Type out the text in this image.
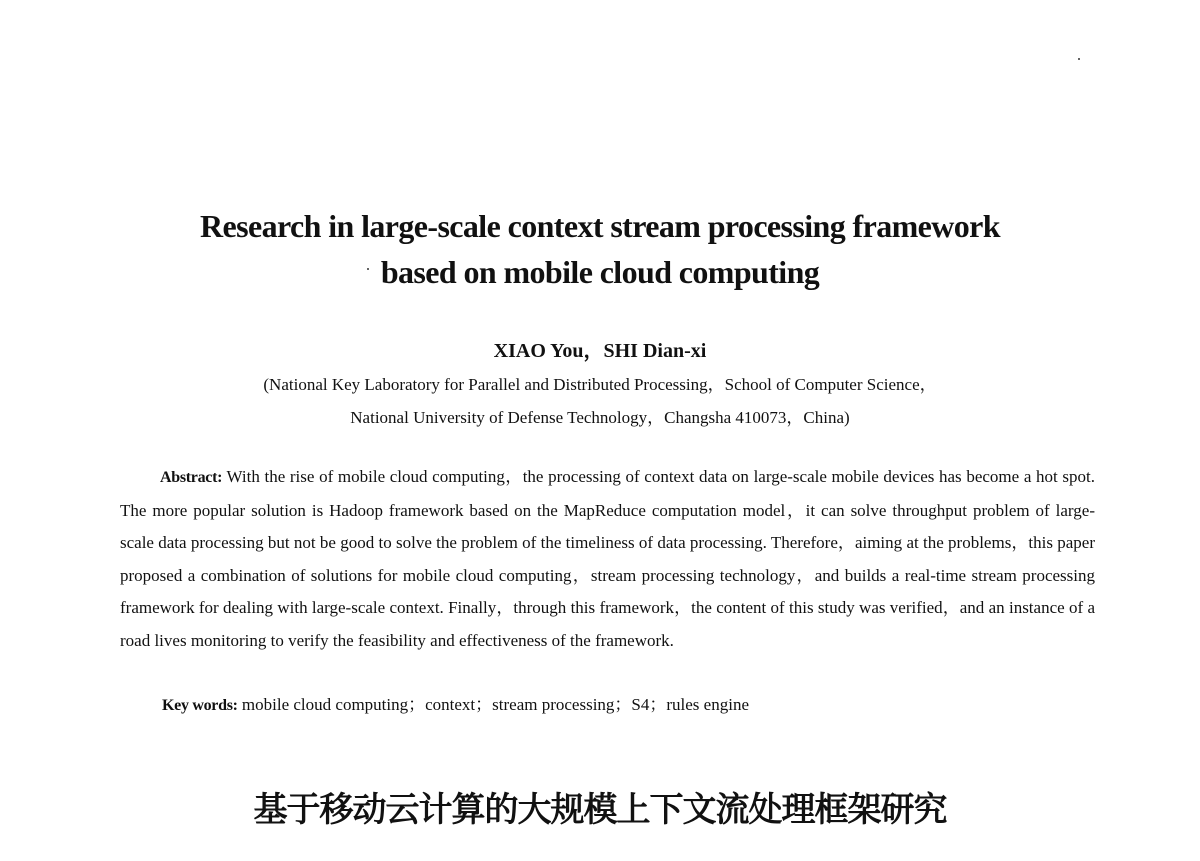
Research in large-scale context stream processing framework
based on mobile cloud computing
XIAO You，SHI Dian-xi
(National Key Laboratory for Parallel and Distributed Processing，School of Computer Science，
National University of Defense Technology，Changsha 410073，China)

Abstract: With the rise of mobile cloud computing，the processing of context data on large-scale mobile devices has become a hot spot. The more popular solution is Hadoop framework based on the MapReduce computation model，it can solve throughput problem of large-scale data processing but not be good to solve the problem of the timeliness of data processing. Therefore，aiming at the problems，this paper proposed a combination of solutions for mobile cloud computing，stream processing technology，and builds a real-time stream processing framework for dealing with large-scale context. Finally，through this framework，the content of this study was verified，and an instance of a road lives monitoring to verify the feasibility and effectiveness of the framework.

Key words: mobile cloud computing；context；stream processing；S4；rules engine
基于移动云计算的大规模上下文流处理框架研究
